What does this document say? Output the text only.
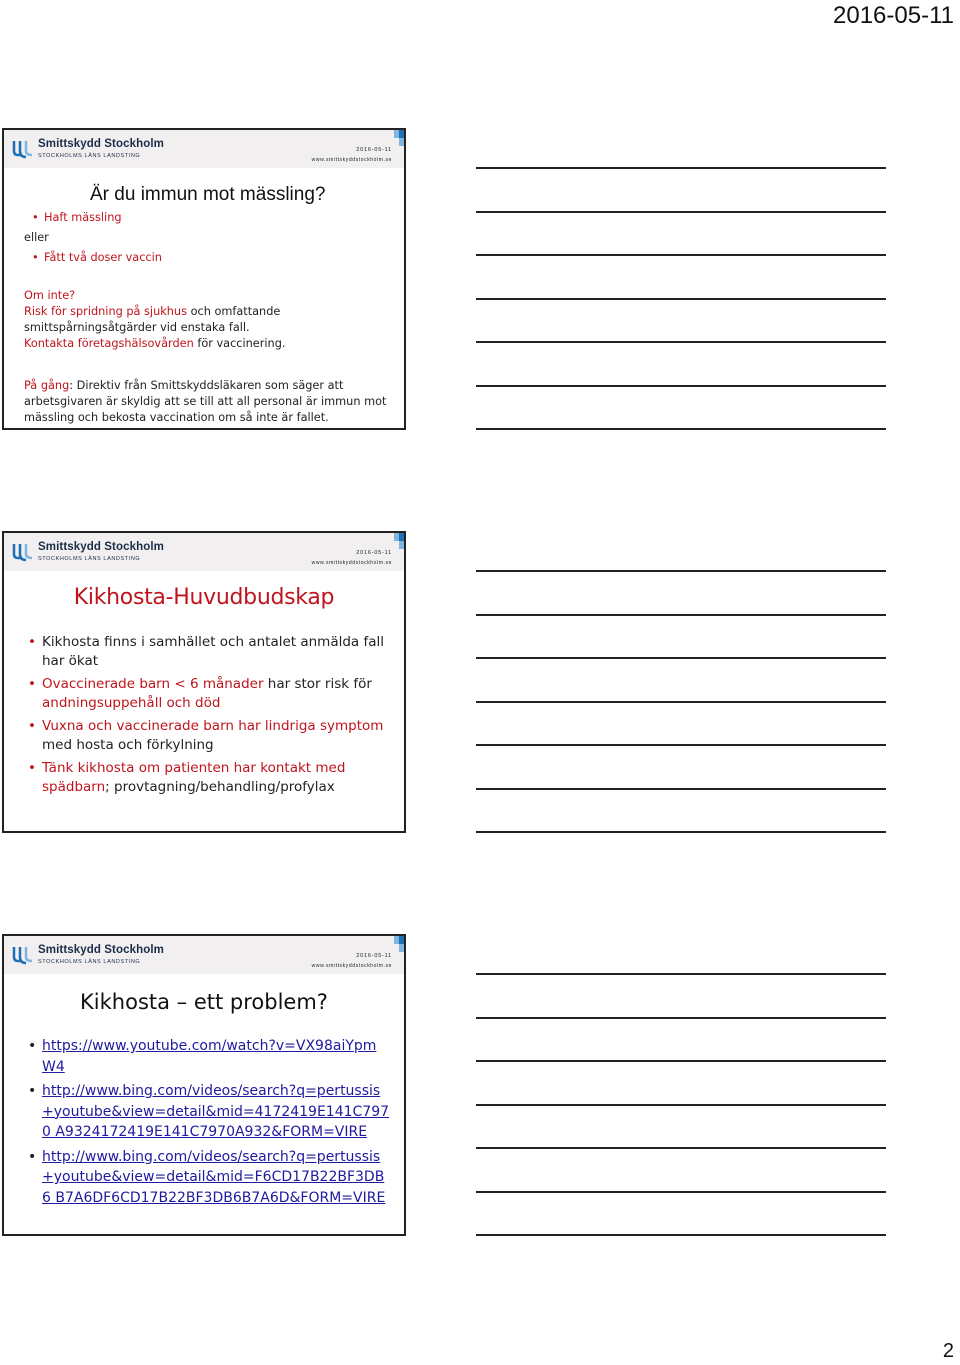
2016-05-11
Smittskydd Stockholm
STOCKHOLMS LÄNS LANDSTING
2016-05-11
www.smittskyddstockholm.se
Är du immun mot mässling?
• Haft mässling
eller
• Fått två doser vaccin
Om inte?
Risk för spridning på sjukhus och omfattande smittspårningsåtgärder vid enstaka fall.
Kontakta företagshälsovården för vaccinering.
På gång: Direktiv från Smittskyddsläkaren som säger att arbetsgivaren är skyldig att se till att all personal är immun mot mässling och bekosta vaccination om så inte är fallet.
Smittskydd Stockholm
STOCKHOLMS LÄNS LANDSTING
2016-05-11
www.smittskyddstockholm.se
Kikhosta-Huvudbudskap
• Kikhosta finns i samhället och antalet anmälda fall har ökat
• Ovaccinerade barn < 6 månader har stor risk för andningsuppehåll och död
• Vuxna och vaccinerade barn har lindriga symptom med hosta och förkylning
• Tänk kikhosta om patienten har kontakt med spädbarn; provtagning/behandling/profylax
Smittskydd Stockholm
STOCKHOLMS LÄNS LANDSTING
2016-05-11
www.smittskyddstockholm.se
Kikhosta – ett problem?
• https://www.youtube.com/watch?v=VX98aiYpm W4
• http://www.bing.com/videos/search?q=pertussis +youtube&view=detail&mid=4172419E141C7970 A9324172419E141C7970A932&FORM=VIRE
• http://www.bing.com/videos/search?q=pertussis +youtube&view=detail&mid=F6CD17B22BF3DB6 B7A6DF6CD17B22BF3DB6B7A6D&FORM=VIRE
2
